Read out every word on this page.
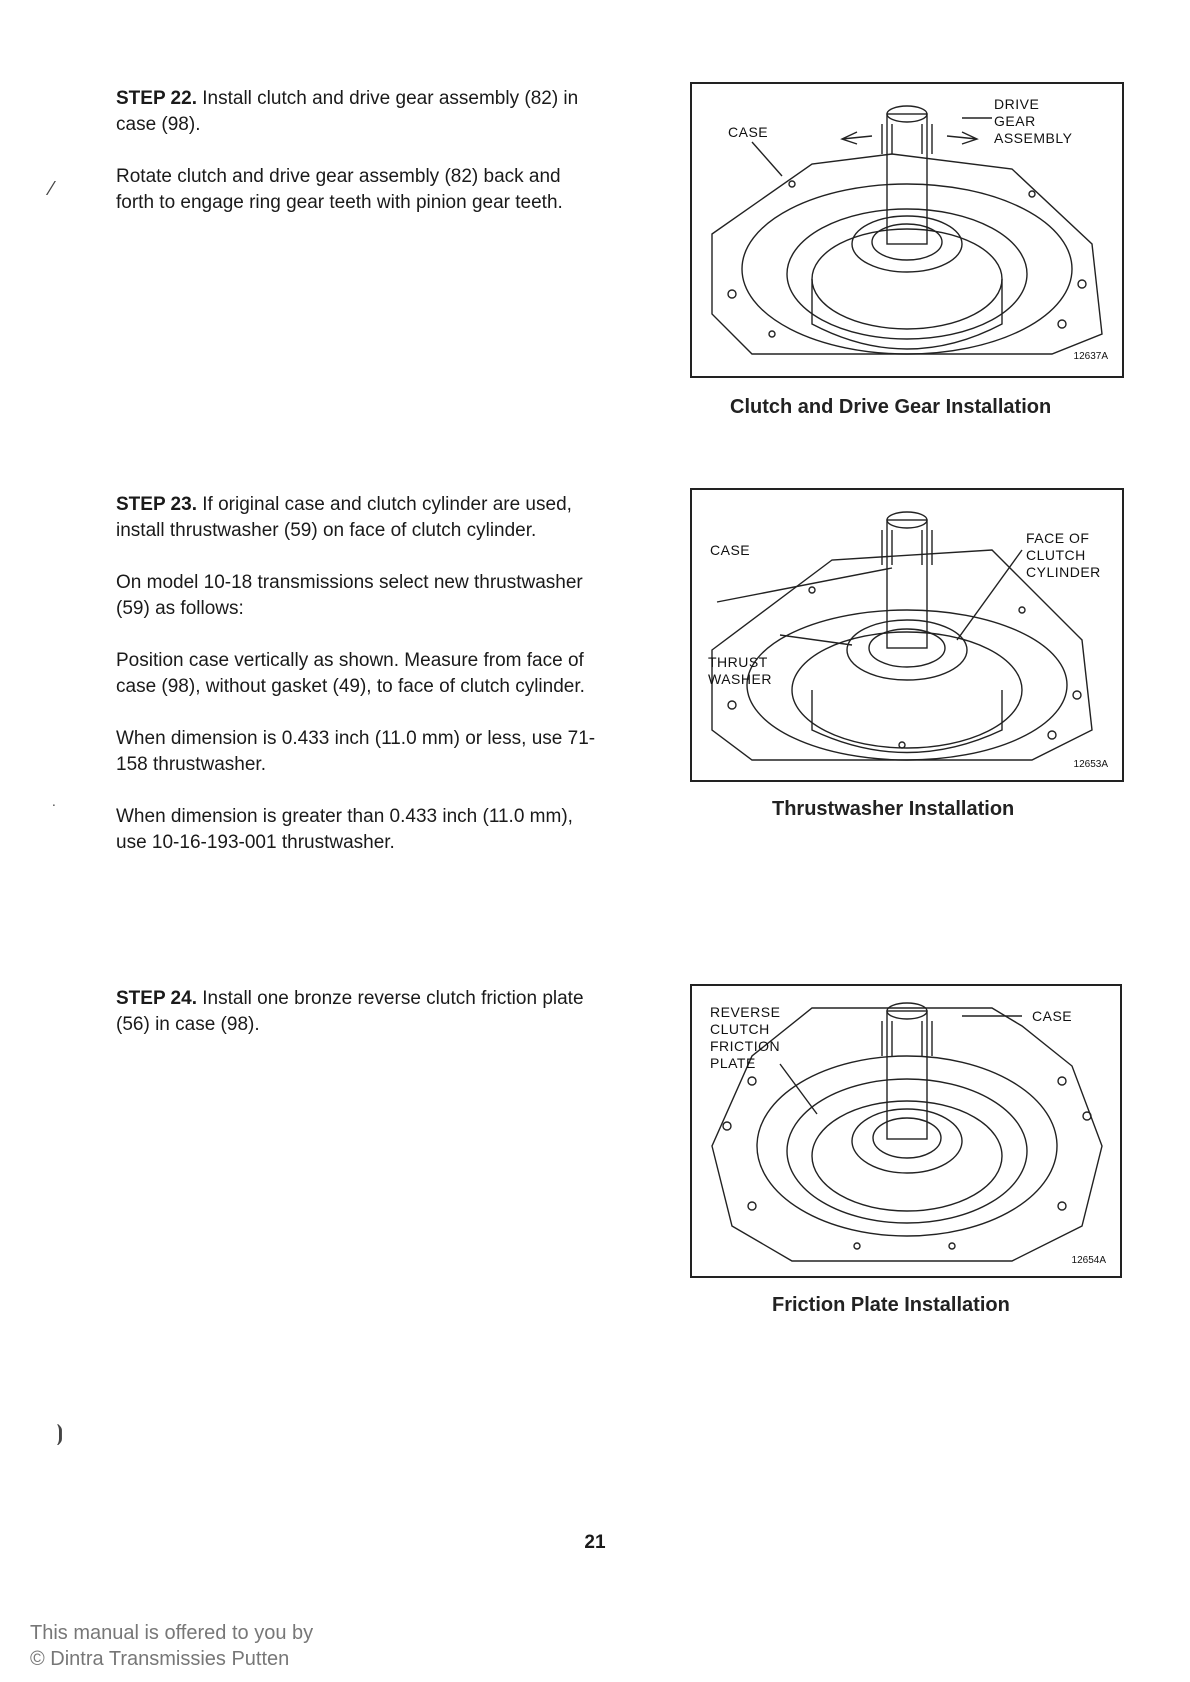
STEP 22. Install clutch and drive gear assembly (82) in case (98).

Rotate clutch and drive gear assembly (82) back and forth to engage ring gear teeth with pinion gear teeth.

CASE
DRIVE
GEAR
ASSEMBLY
12637A
Clutch and Drive Gear Installation

STEP 23. If original case and clutch cylinder are used, install thrustwasher (59) on face of clutch cylinder.

On model 10-18 transmissions select new thrustwasher (59) as follows:

Position case vertically as shown. Measure from face of case (98), without gasket (49), to face of clutch cylinder.

When dimension is 0.433 inch (11.0 mm) or less, use 71-158 thrustwasher.

When dimension is greater than 0.433 inch (11.0 mm), use 10-16-193-001 thrustwasher.

CASE
FACE OF
CLUTCH
CYLINDER
THRUST
WASHER
12653A
Thrustwasher Installation

STEP 24. Install one bronze reverse clutch friction plate (56) in case (98).

REVERSE
CLUTCH
FRICTION
PLATE
CASE
12654A
Friction Plate Installation
⁄
∙
⦘
21
This manual is offered to you by
© Dintra Transmissies Putten
